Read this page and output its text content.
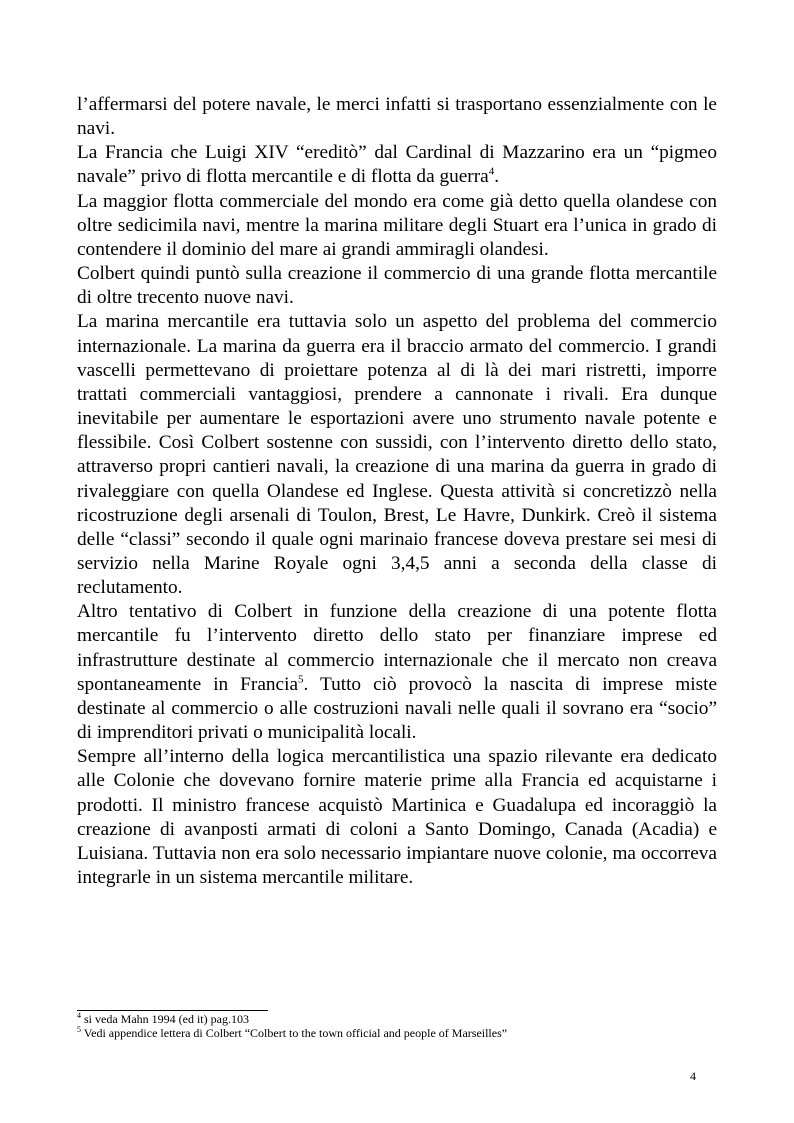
l’affermarsi del potere navale, le merci infatti si trasportano essenzialmente con le navi.

La Francia che Luigi XIV “ereditò” dal Cardinal di Mazzarino era un “pigmeo navale” privo di flotta mercantile e di flotta da guerra$^4$.

La maggior flotta commerciale del mondo era come già detto quella olandese con oltre sedicimila navi, mentre la marina militare degli Stuart era l’unica in grado di contendere il dominio del mare ai grandi ammiragli olandesi.

Colbert quindi puntò sulla creazione il commercio di una grande flotta mercantile di oltre trecento nuove navi.

La marina mercantile era tuttavia solo un aspetto del problema del commercio internazionale. La marina da guerra era il braccio armato del commercio. I grandi vascelli permettevano di proiettare potenza al di là dei mari ristretti, imporre trattati commerciali vantaggiosi, prendere a cannonate i rivali. Era dunque inevitabile per aumentare le esportazioni avere uno strumento navale potente e flessibile. Così Colbert sostenne con sussidi, con l’intervento diretto dello stato, attraverso propri cantieri navali, la creazione di una marina da guerra in grado di rivaleggiare con quella Olandese ed Inglese. Questa attività si concretizzò nella ricostruzione degli arsenali di Toulon, Brest, Le Havre, Dunkirk. Creò il sistema delle “classi” secondo il quale ogni marinaio francese doveva prestare sei mesi di servizio nella Marine Royale ogni 3,4,5 anni a seconda della classe di reclutamento.

Altro tentativo di Colbert in funzione della creazione di una potente flotta mercantile fu l’intervento diretto dello stato per finanziare imprese ed infrastrutture destinate al commercio internazionale che il mercato non creava spontaneamente in Francia$^5$. Tutto ciò provocò la nascita di imprese miste destinate al commercio o alle costruzioni navali nelle quali il sovrano era “socio” di imprenditori privati o municipalità locali.

Sempre all’interno della logica mercantilistica una spazio rilevante era dedicato alle Colonie che dovevano fornire materie prime alla Francia ed acquistarne i prodotti. Il ministro francese acquistò Martinica e Guadalupa ed incoraggiò la creazione di avanposti armati di coloni a Santo Domingo, Canada (Acadia) e Luisiana. Tuttavia non era solo necessario impiantare nuove colonie, ma occorreva integrarle in un sistema mercantile militare.

$^4$ si veda Mahn 1994 (ed it) pag.103

$^5$ Vedi appendice lettera di Colbert “Colbert to the town official and people of Marseilles”

4
